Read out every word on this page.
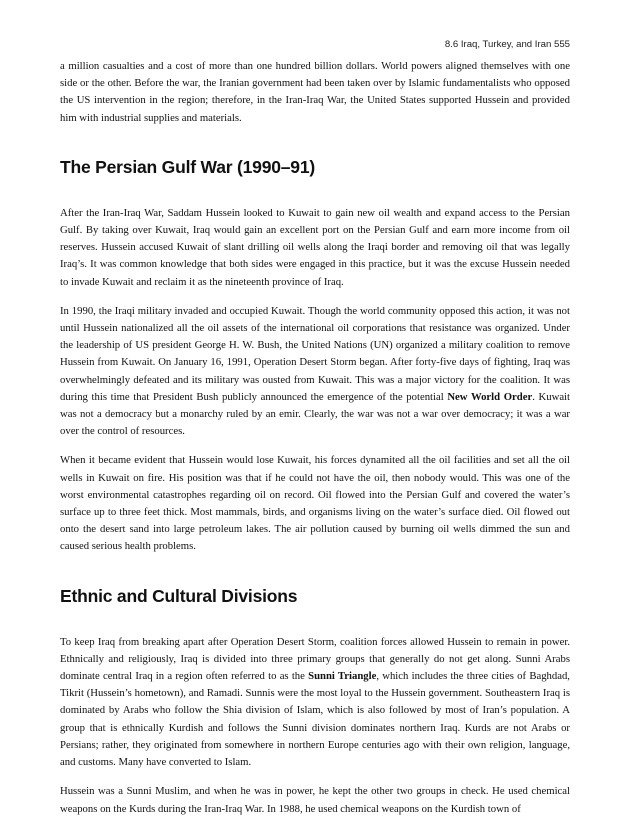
8.6 Iraq, Turkey, and Iran 555

a million casualties and a cost of more than one hundred billion dollars. World powers aligned themselves with one side or the other. Before the war, the Iranian government had been taken over by Islamic fundamentalists who opposed the US intervention in the region; therefore, in the Iran-Iraq War, the United States supported Hussein and provided him with industrial supplies and materials.

The Persian Gulf War (1990–91)

After the Iran-Iraq War, Saddam Hussein looked to Kuwait to gain new oil wealth and expand access to the Persian Gulf. By taking over Kuwait, Iraq would gain an excellent port on the Persian Gulf and earn more income from oil reserves. Hussein accused Kuwait of slant drilling oil wells along the Iraqi border and removing oil that was legally Iraq’s. It was common knowledge that both sides were engaged in this practice, but it was the excuse Hussein needed to invade Kuwait and reclaim it as the nineteenth province of Iraq.

In 1990, the Iraqi military invaded and occupied Kuwait. Though the world community opposed this action, it was not until Hussein nationalized all the oil assets of the international oil corporations that resistance was organized. Under the leadership of US president George H. W. Bush, the United Nations (UN) organized a military coalition to remove Hussein from Kuwait. On January 16, 1991, Operation Desert Storm began. After forty-five days of fighting, Iraq was overwhelmingly defeated and its military was ousted from Kuwait. This was a major victory for the coalition. It was during this time that President Bush publicly announced the emergence of the potential New World Order. Kuwait was not a democracy but a monarchy ruled by an emir. Clearly, the war was not a war over democracy; it was a war over the control of resources.

When it became evident that Hussein would lose Kuwait, his forces dynamited all the oil facilities and set all the oil wells in Kuwait on fire. His position was that if he could not have the oil, then nobody would. This was one of the worst environmental catastrophes regarding oil on record. Oil flowed into the Persian Gulf and covered the water’s surface up to three feet thick. Most mammals, birds, and organisms living on the water’s surface died. Oil flowed out onto the desert sand into large petroleum lakes. The air pollution caused by burning oil wells dimmed the sun and caused serious health problems.

Ethnic and Cultural Divisions

To keep Iraq from breaking apart after Operation Desert Storm, coalition forces allowed Hussein to remain in power. Ethnically and religiously, Iraq is divided into three primary groups that generally do not get along. Sunni Arabs dominate central Iraq in a region often referred to as the Sunni Triangle, which includes the three cities of Baghdad, Tikrit (Hussein’s hometown), and Ramadi. Sunnis were the most loyal to the Hussein government. Southeastern Iraq is dominated by Arabs who follow the Shia division of Islam, which is also followed by most of Iran’s population. A group that is ethnically Kurdish and follows the Sunni division dominates northern Iraq. Kurds are not Arabs or Persians; rather, they originated from somewhere in northern Europe centuries ago with their own religion, language, and customs. Many have converted to Islam.

Hussein was a Sunni Muslim, and when he was in power, he kept the other two groups in check. He used chemical weapons on the Kurds during the Iran-Iraq War. In 1988, he used chemical weapons on the Kurdish town of
